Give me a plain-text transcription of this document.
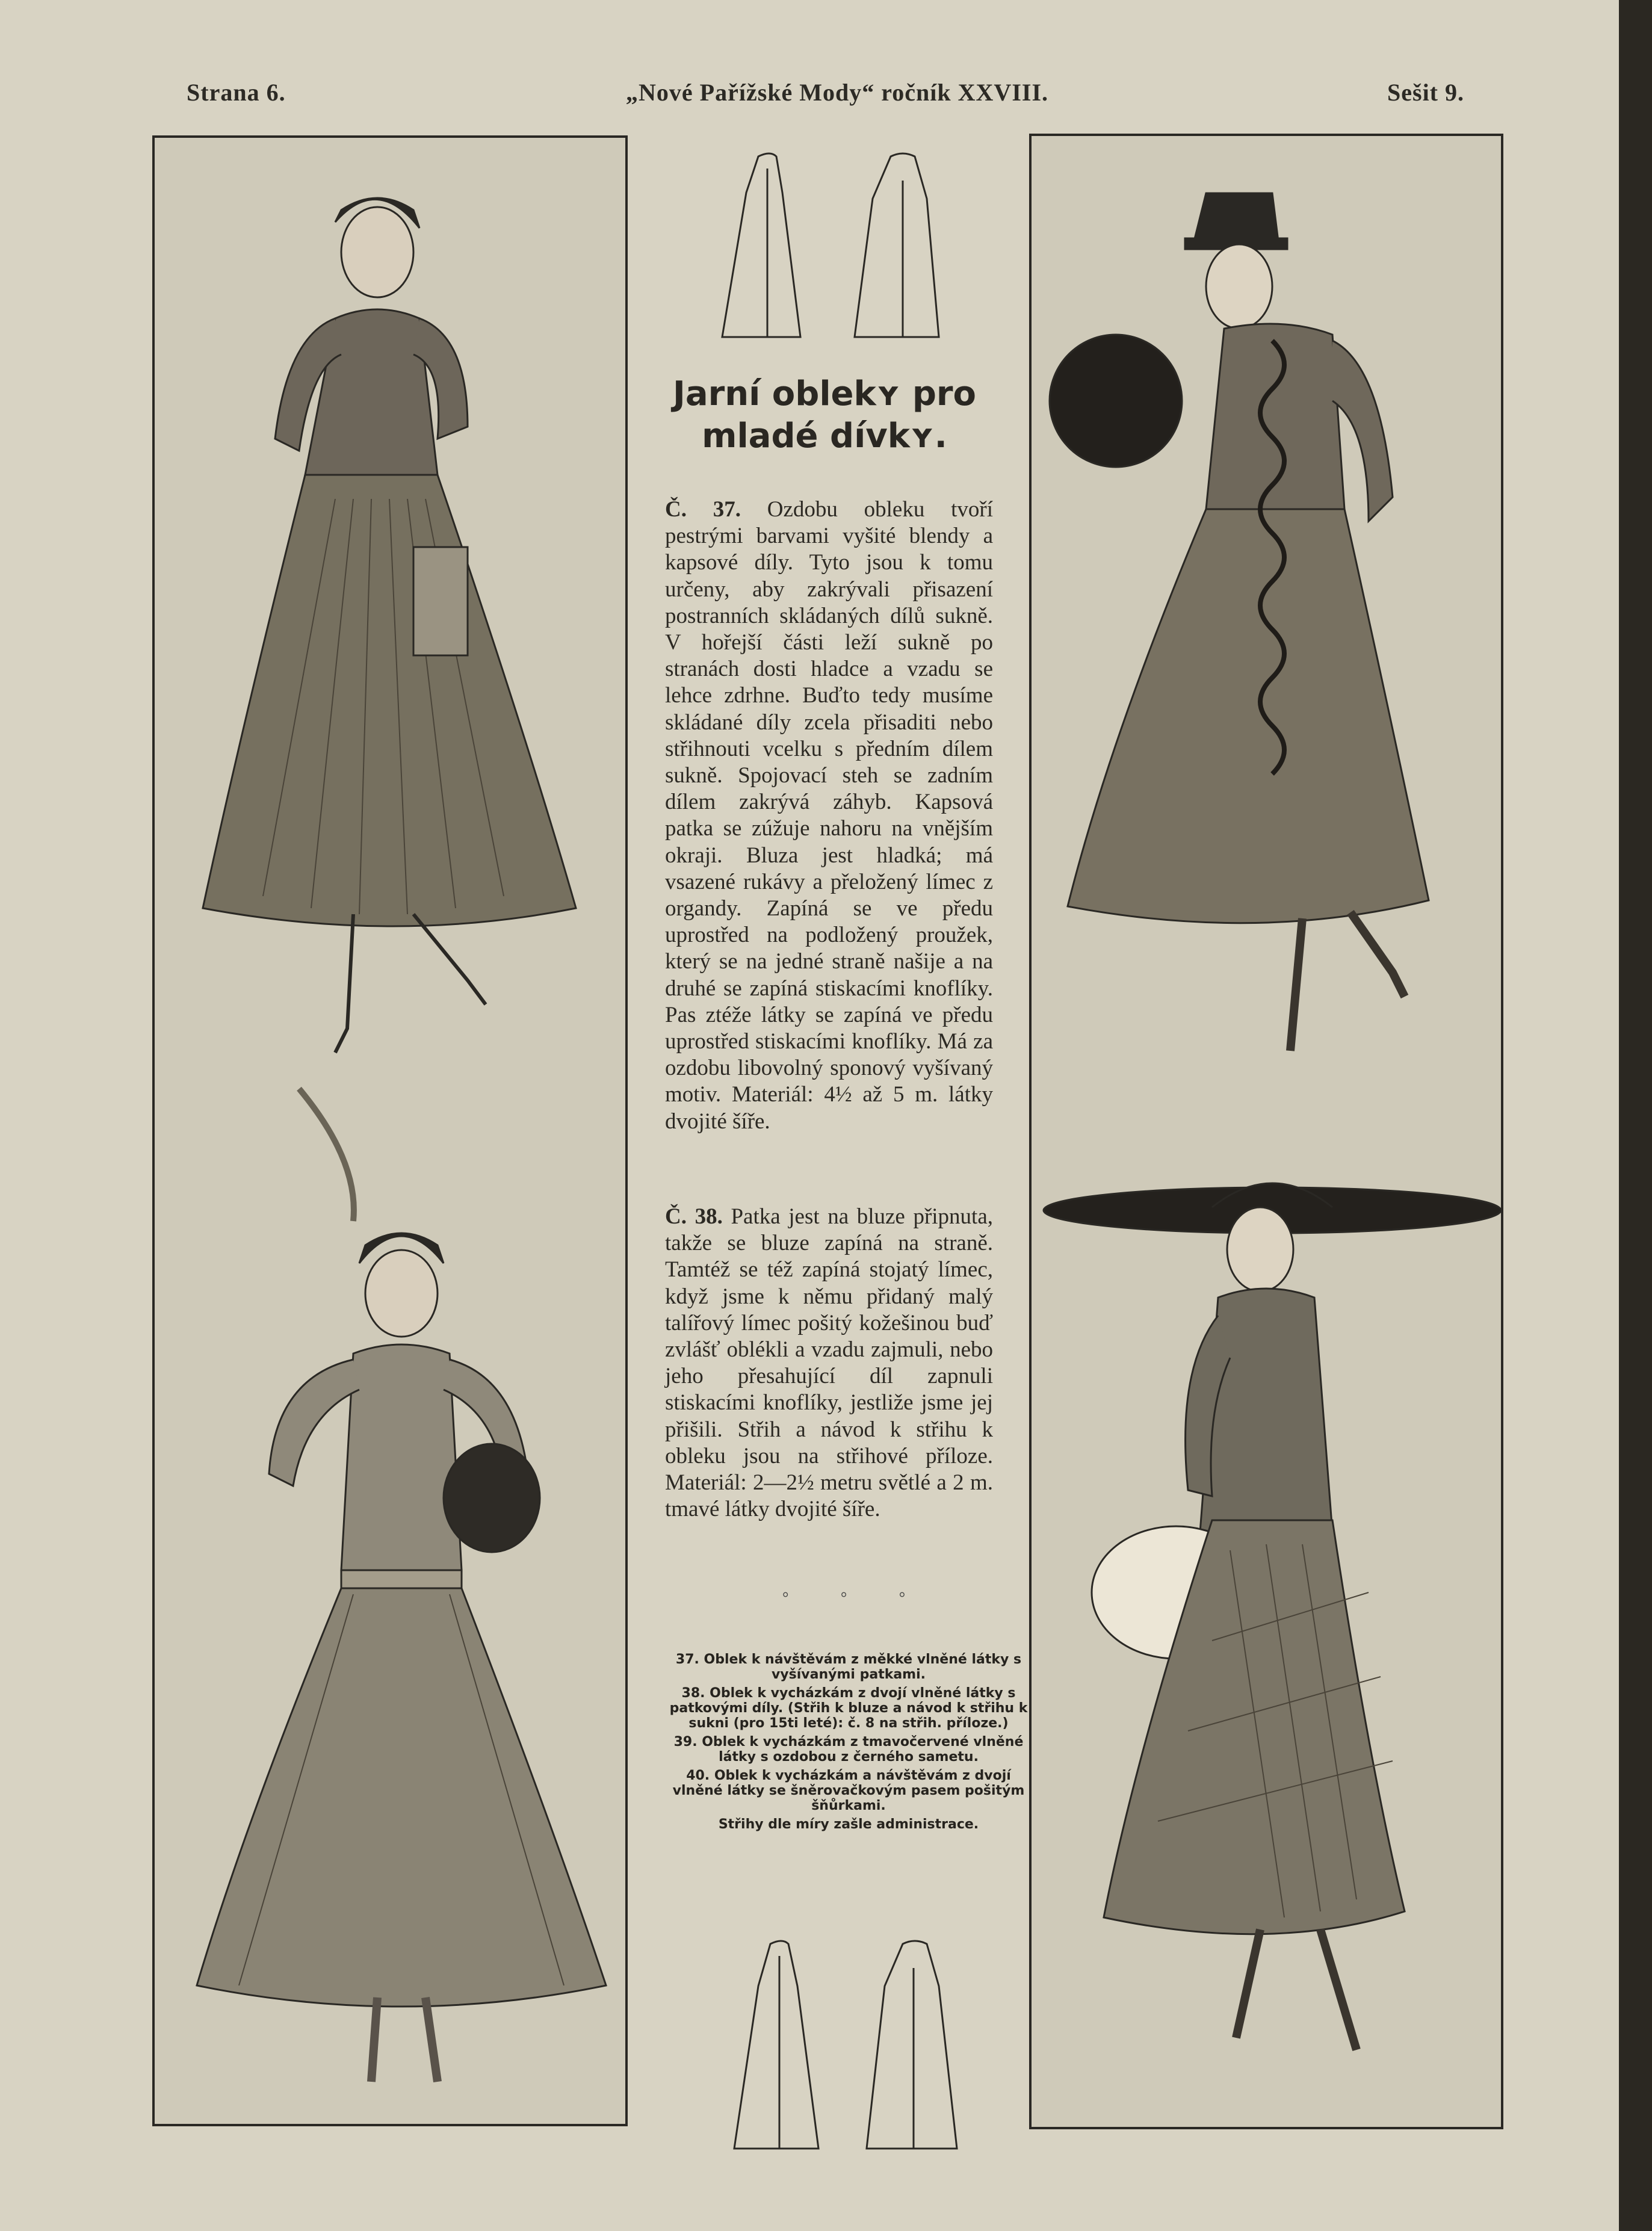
Strana 6.	„Nové Pařížské Mody“ ročník XXVIII.	Sešit 9.
Jarní oblekʏ pro
mladé dívkʏ.
Č. 37. Ozdobu obleku tvoří pestrými barvami vyšité blendy a kapsové díly. Tyto jsou k tomu určeny, aby zakrývali přisazení postranních skládaných dílů sukně. V hořejší části leží sukně po stranách dosti hladce a vzadu se lehce zdrhne. Buďto tedy musíme skládané díly zcela přisaditi nebo střihnouti vcelku s předním dílem sukně. Spojovací steh se zadním dílem zakrývá záhyb. Kapsová patka se zúžuje nahoru na vnějším okraji. Bluza jest hladká; má vsazené rukávy a přeložený límec z organdy. Zapíná se ve předu uprostřed na podložený proužek, který se na jedné straně našije a na druhé se zapíná stiskacími knoflíky. Pas ztéže látky se zapíná ve předu uprostřed stiskacími knoflíky. Má za ozdobu libovolný sponový vyšívaný motiv. Materiál: 4½ až 5 m. látky dvojité šíře.
Č. 38. Patka jest na bluze připnuta, takže se bluze zapíná na straně. Tamtéž se též zapíná stojatý límec, když jsme k němu přidaný malý talířový límec pošitý kožešinou buď zvlášť oblékli a vzadu zajmuli, nebo jeho přesahující díl zapnuli stiskacími knoflíky, jestliže jsme jej přišili. Střih a návod k střihu k obleku jsou na střihové příloze. Materiál: 2—2½ metru světlé a 2 m. tmavé látky dvojité šíře.
° ° °
37. Oblek k návštěvám z měkké vlněné látky s vyšívanými patkami.
38. Oblek k vycházkám z dvojí vlněné látky s patkovými díly. (Střih k bluze a návod k střihu k sukni (pro 15ti leté): č. 8 na střih. příloze.)
39. Oblek k vycházkám z tmavočervené vlněné látky s ozdobou z černého sametu.
40. Oblek k vycházkám a návštěvám z dvojí vlněné látky se šněrovačkovým pasem pošitým šňůrkami.
Střihy dle míry zašle administrace.
